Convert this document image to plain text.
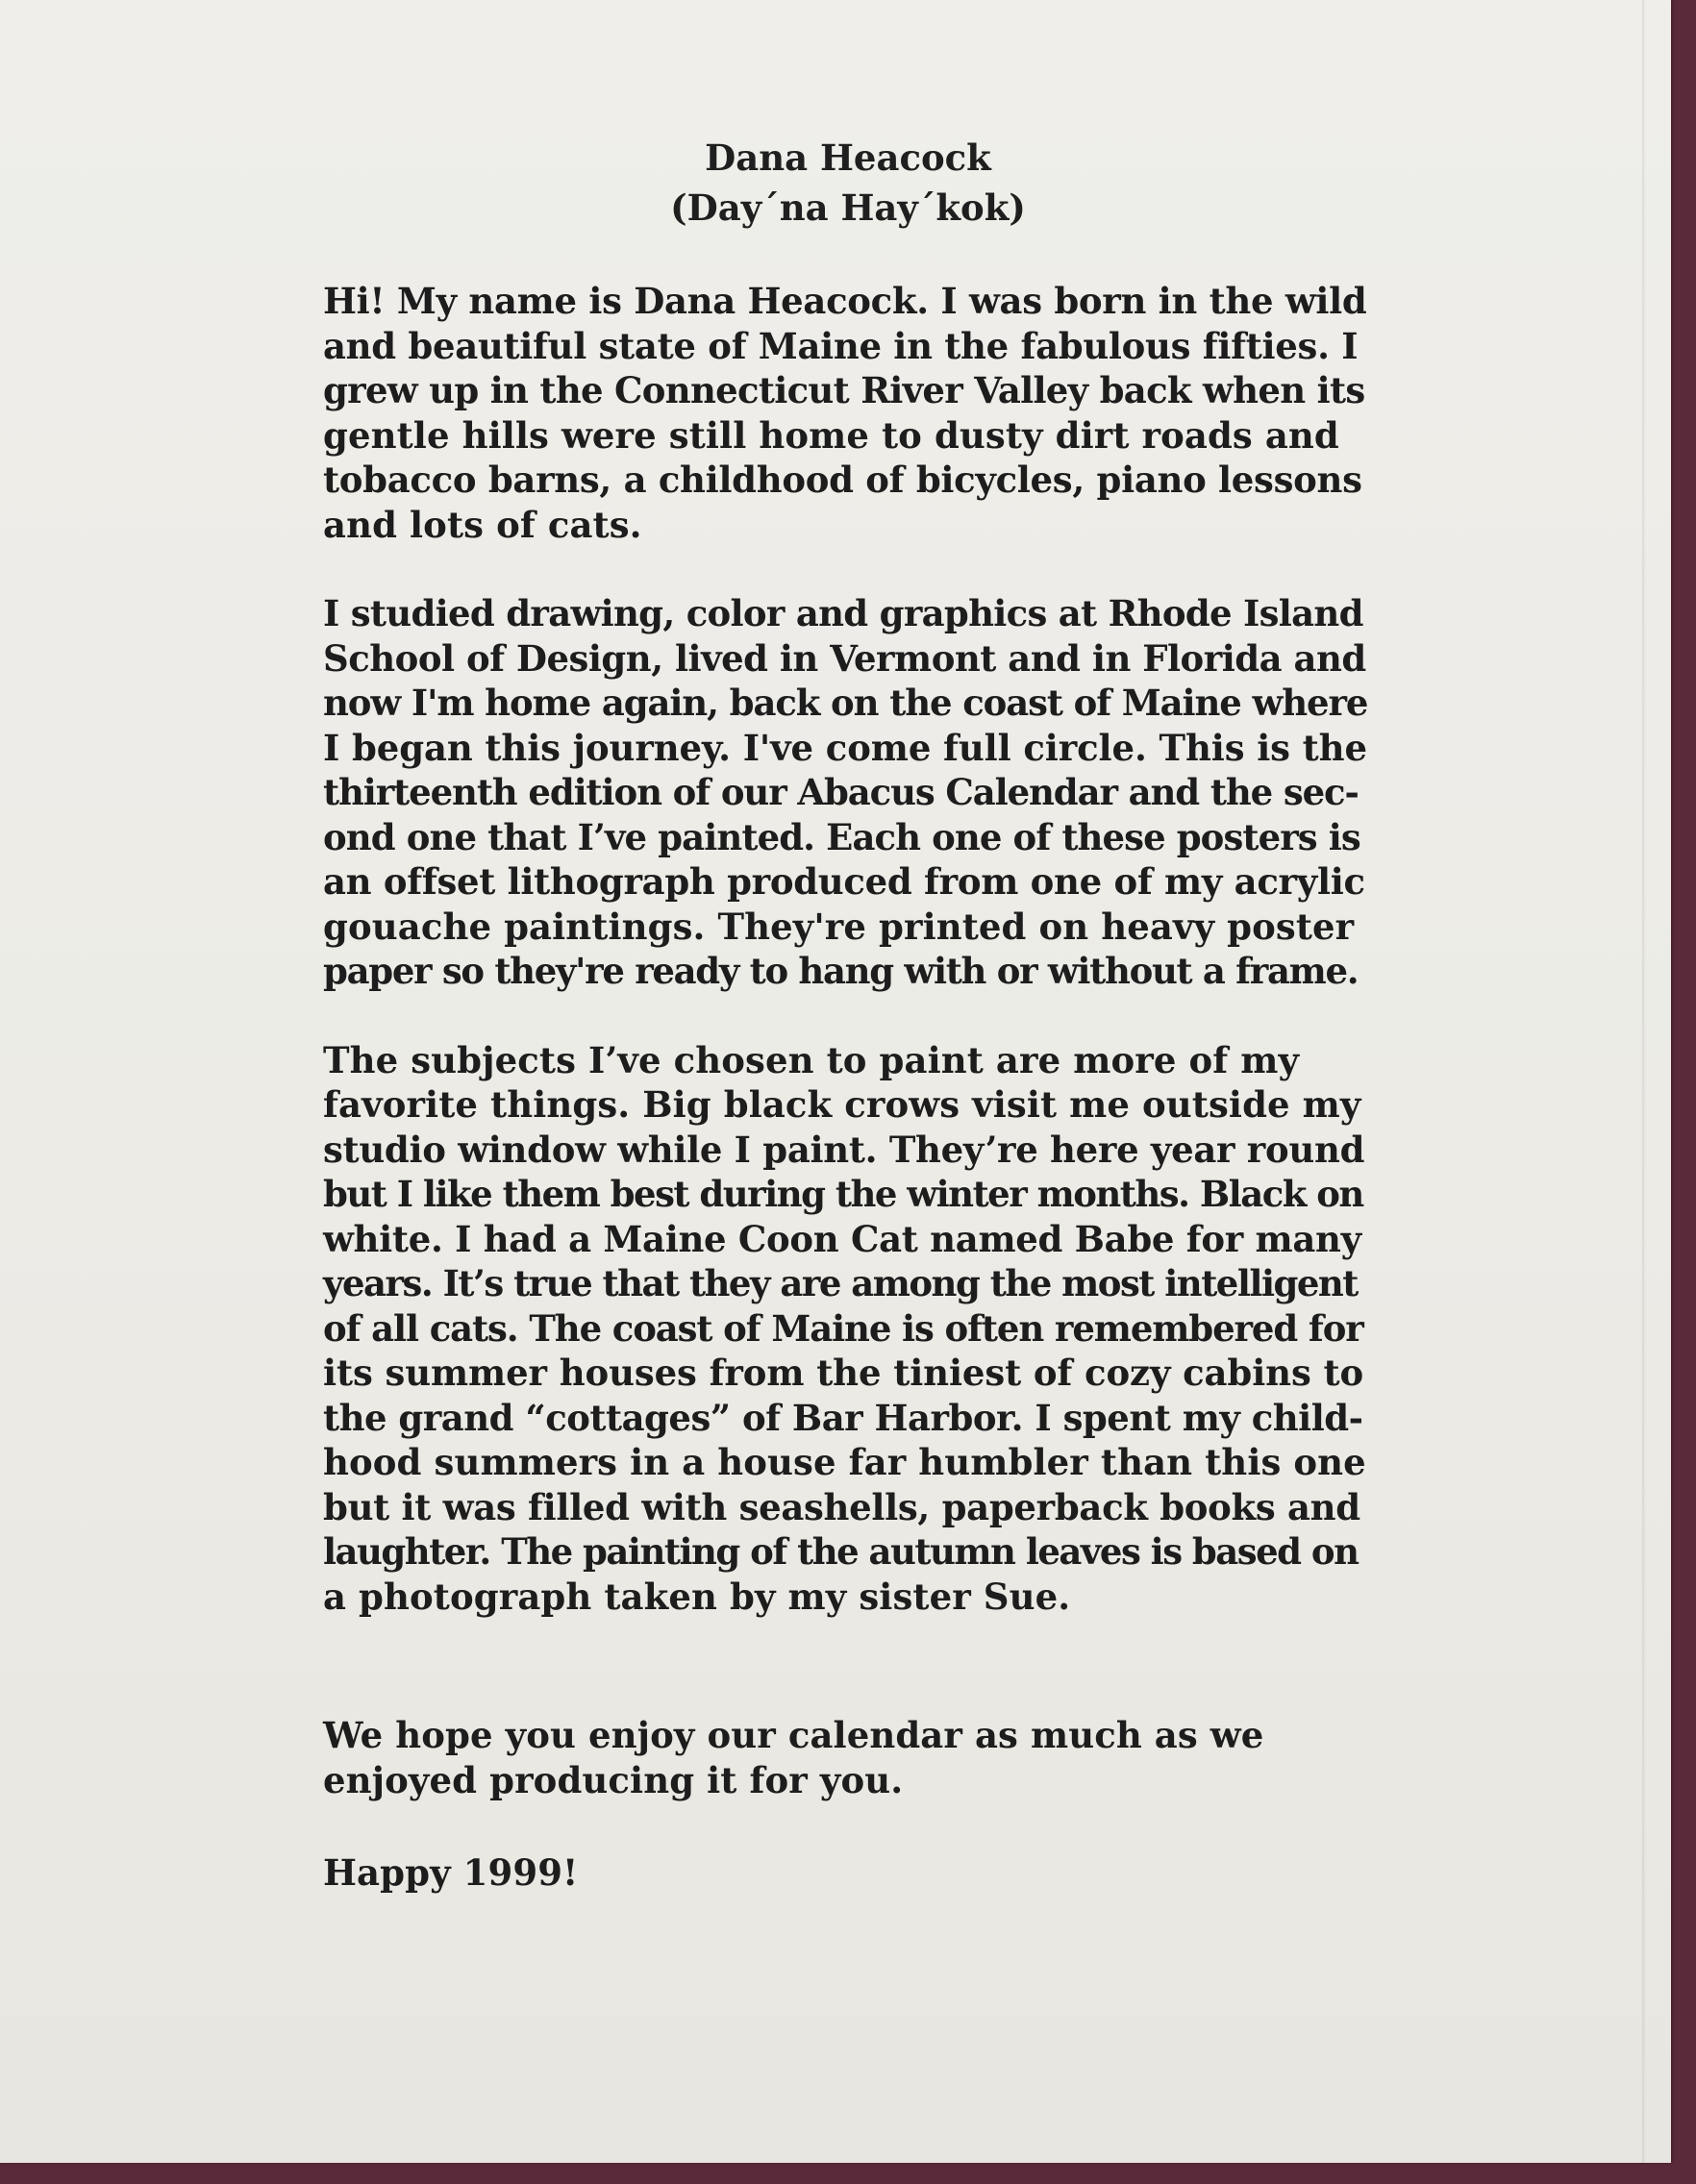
Dana Heacock
(Day´na Hay´kok)
Hi! My name is Dana Heacock. I was born in the wild
and beautiful state of Maine in the fabulous fifties. I
grew up in the Connecticut River Valley back when its
gentle hills were still home to dusty dirt roads and
tobacco barns, a childhood of bicycles, piano lessons
and lots of cats.
I studied drawing, color and graphics at Rhode Island
School of Design, lived in Vermont and in Florida and
now I'm home again, back on the coast of Maine where
I began this journey. I've come full circle. This is the
thirteenth edition of our Abacus Calendar and the sec-
ond one that I’ve painted. Each one of these posters is
an offset lithograph produced from one of my acrylic
gouache paintings. They're printed on heavy poster
paper so they're ready to hang with or without a frame.
The subjects I’ve chosen to paint are more of my
favorite things. Big black crows visit me outside my
studio window while I paint. They’re here year round
but I like them best during the winter months. Black on
white. I had a Maine Coon Cat named Babe for many
years. It’s true that they are among the most intelligent
of all cats. The coast of Maine is often remembered for
its summer houses from the tiniest of cozy cabins to
the grand “cottages” of Bar Harbor. I spent my child-
hood summers in a house far humbler than this one
but it was filled with seashells, paperback books and
laughter. The painting of the autumn leaves is based on
a photograph taken by my sister Sue.
We hope you enjoy our calendar as much as we
enjoyed producing it for you.
Happy 1999!
